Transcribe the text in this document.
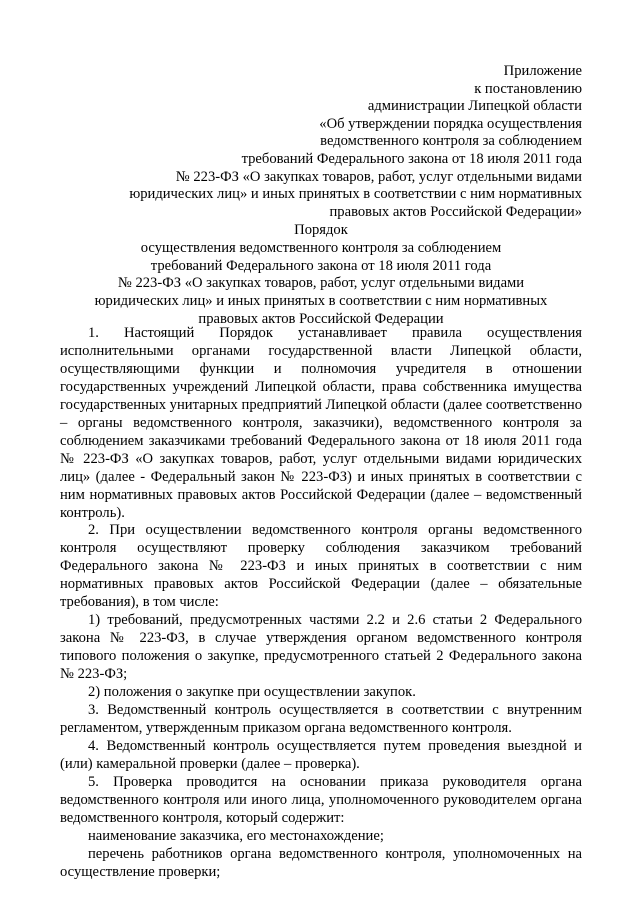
Приложение
к постановлению
администрации Липецкой области
«Об утверждении порядка осуществления
ведомственного контроля за соблюдением
требований Федерального закона от 18 июля 2011 года
№ 223-ФЗ «О закупках товаров, работ, услуг отдельными видами
юридических лиц» и иных принятых в соответствии с ним нормативных
правовых актов Российской Федерации»
Порядок
осуществления ведомственного контроля за соблюдением
требований Федерального закона от 18 июля 2011 года
№ 223-ФЗ «О закупках товаров, работ, услуг отдельными видами
юридических лиц» и иных принятых в соответствии с ним нормативных
правовых актов Российской Федерации

1. Настоящий Порядок устанавливает правила осуществления исполнительными органами государственной власти Липецкой области, осуществляющими функции и полномочия учредителя в отношении государственных учреждений Липецкой области, права собственника имущества государственных унитарных предприятий Липецкой области (далее соответственно – органы ведомственного контроля, заказчики), ведомственного контроля за соблюдением заказчиками требований Федерального закона от 18 июля 2011 года № 223-ФЗ «О закупках товаров, работ, услуг отдельными видами юридических лиц» (далее - Федеральный закон № 223-ФЗ) и иных принятых в соответствии с ним нормативных правовых актов Российской Федерации (далее – ведомственный контроль).

2. При осуществлении ведомственного контроля органы ведомственного контроля осуществляют проверку соблюдения заказчиком требований Федерального закона № 223-ФЗ и иных принятых в соответствии с ним нормативных правовых актов Российской Федерации (далее – обязательные требования), в том числе:

1) требований, предусмотренных частями 2.2 и 2.6 статьи 2 Федерального закона № 223-ФЗ, в случае утверждения органом ведомственного контроля типового положения о закупке, предусмотренного статьей 2 Федерального закона № 223-ФЗ;

2) положения о закупке при осуществлении закупок.

3. Ведомственный контроль осуществляется в соответствии с внутренним регламентом, утвержденным приказом органа ведомственного контроля.

4. Ведомственный контроль осуществляется путем проведения выездной и (или) камеральной проверки (далее – проверка).

5. Проверка проводится на основании приказа руководителя органа ведомственного контроля или иного лица, уполномоченного руководителем органа ведомственного контроля, который содержит:

наименование заказчика, его местонахождение;

перечень работников органа ведомственного контроля, уполномоченных на осуществление проверки;
